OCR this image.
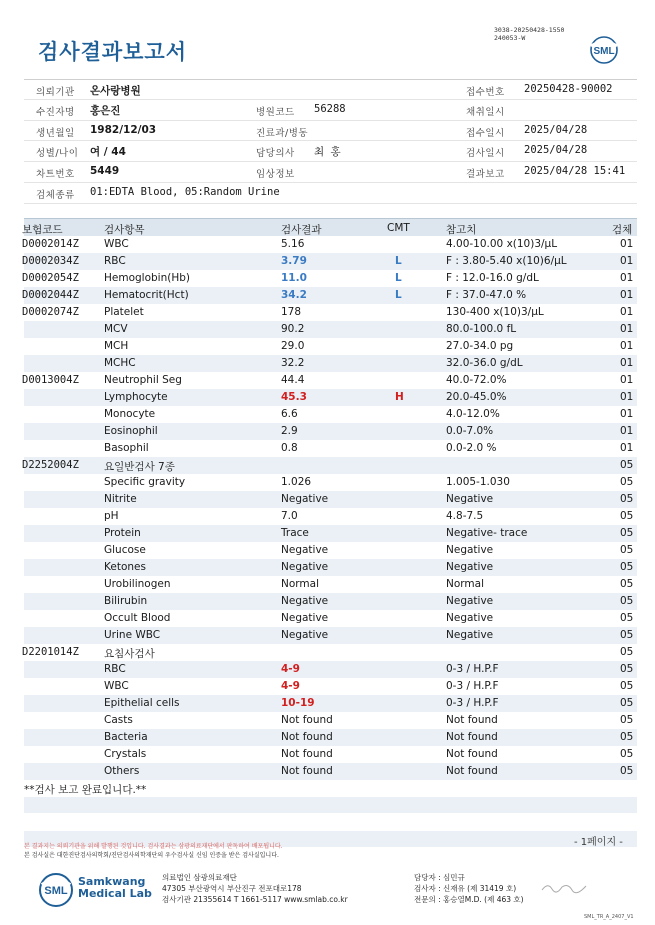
검사결과보고서
3038-20250428-1550
240053-W
SML
의뢰기관 온사랑병원	접수번호 20250428-90002
수진자명 홍은진	병원코드 56288	채취일시
생년월일 1982/12/03	진료과/병동	접수일시 2025/04/28
성별/나이 여 / 44	담당의사 최 홍	검사일시 2025/04/28
차트번호 5449	임상정보	결과보고 2025/04/28 15:41
검체종류 01:EDTA Blood, 05:Random Urine
보험코드	검사항목	검사결과	CMT	참고치	검체
D0002014Z WBC	5.16	4.00-10.00 x(10)3/μL	01
D0002034Z RBC	3.79	L	F : 3.80-5.40 x(10)6/μL	01
D0002054Z Hemoglobin(Hb)	11.0	L	F : 12.0-16.0 g/dL	01
D0002044Z Hematocrit(Hct)	34.2	L	F : 37.0-47.0 %	01
D0002074Z Platelet	178	130-400 x(10)3/μL	01
MCV	90.2	80.0-100.0 fL	01
MCH	29.0	27.0-34.0 pg	01
MCHC	32.2	32.0-36.0 g/dL	01
D0013004Z Neutrophil Seg	44.4	40.0-72.0%	01
Lymphocyte	45.3	H	20.0-45.0%	01
Monocyte	6.6	4.0-12.0%	01
Eosinophil	2.9	0.0-7.0%	01
Basophil	0.8	0.0-2.0 %	01
D2252004Z 요일반검사 7종	05
Specific gravity	1.026	1.005-1.030	05
Nitrite	Negative	Negative	05
pH	7.0	4.8-7.5	05
Protein	Trace	Negative- trace	05
Glucose	Negative	Negative	05
Ketones	Negative	Negative	05
Urobilinogen	Normal	Normal	05
Bilirubin	Negative	Negative	05
Occult Blood	Negative	Negative	05
Urine WBC	Negative	Negative	05
D2201014Z 요침사검사	05
RBC	4-9	0-3 / H.P.F	05
WBC	4-9	0-3 / H.P.F	05
Epithelial cells	10-19	0-3 / H.P.F	05
Casts	Not found	Not found	05
Bacteria	Not found	Not found	05
Crystals	Not found	Not found	05
Others	Not found	Not found	05
**검사 보고 완료입니다.**
- 1페이지 -
본 결과지는 의뢰기관을 위해 발행된 것입니다. 검사결과는 삼광의료재단에서 판독하여 배포됩니다.
본 검사실은 대한진단검사의학회/진단검사의학재단의 우수검사실 신임 인증을 받은 검사실입니다.
SML
Samkwang
Medical Lab
의료법인 삼광의료재단
47305 부산광역시 부산진구 전포대로178
검사기관 21355614 T 1661-5117 www.smlab.co.kr
담당자 : 심민규
검사자 : 신재유 (제 31419 호)
전문의 : 홍승열M.D. (제 463 호)
SML_TR_A_2407_V1
